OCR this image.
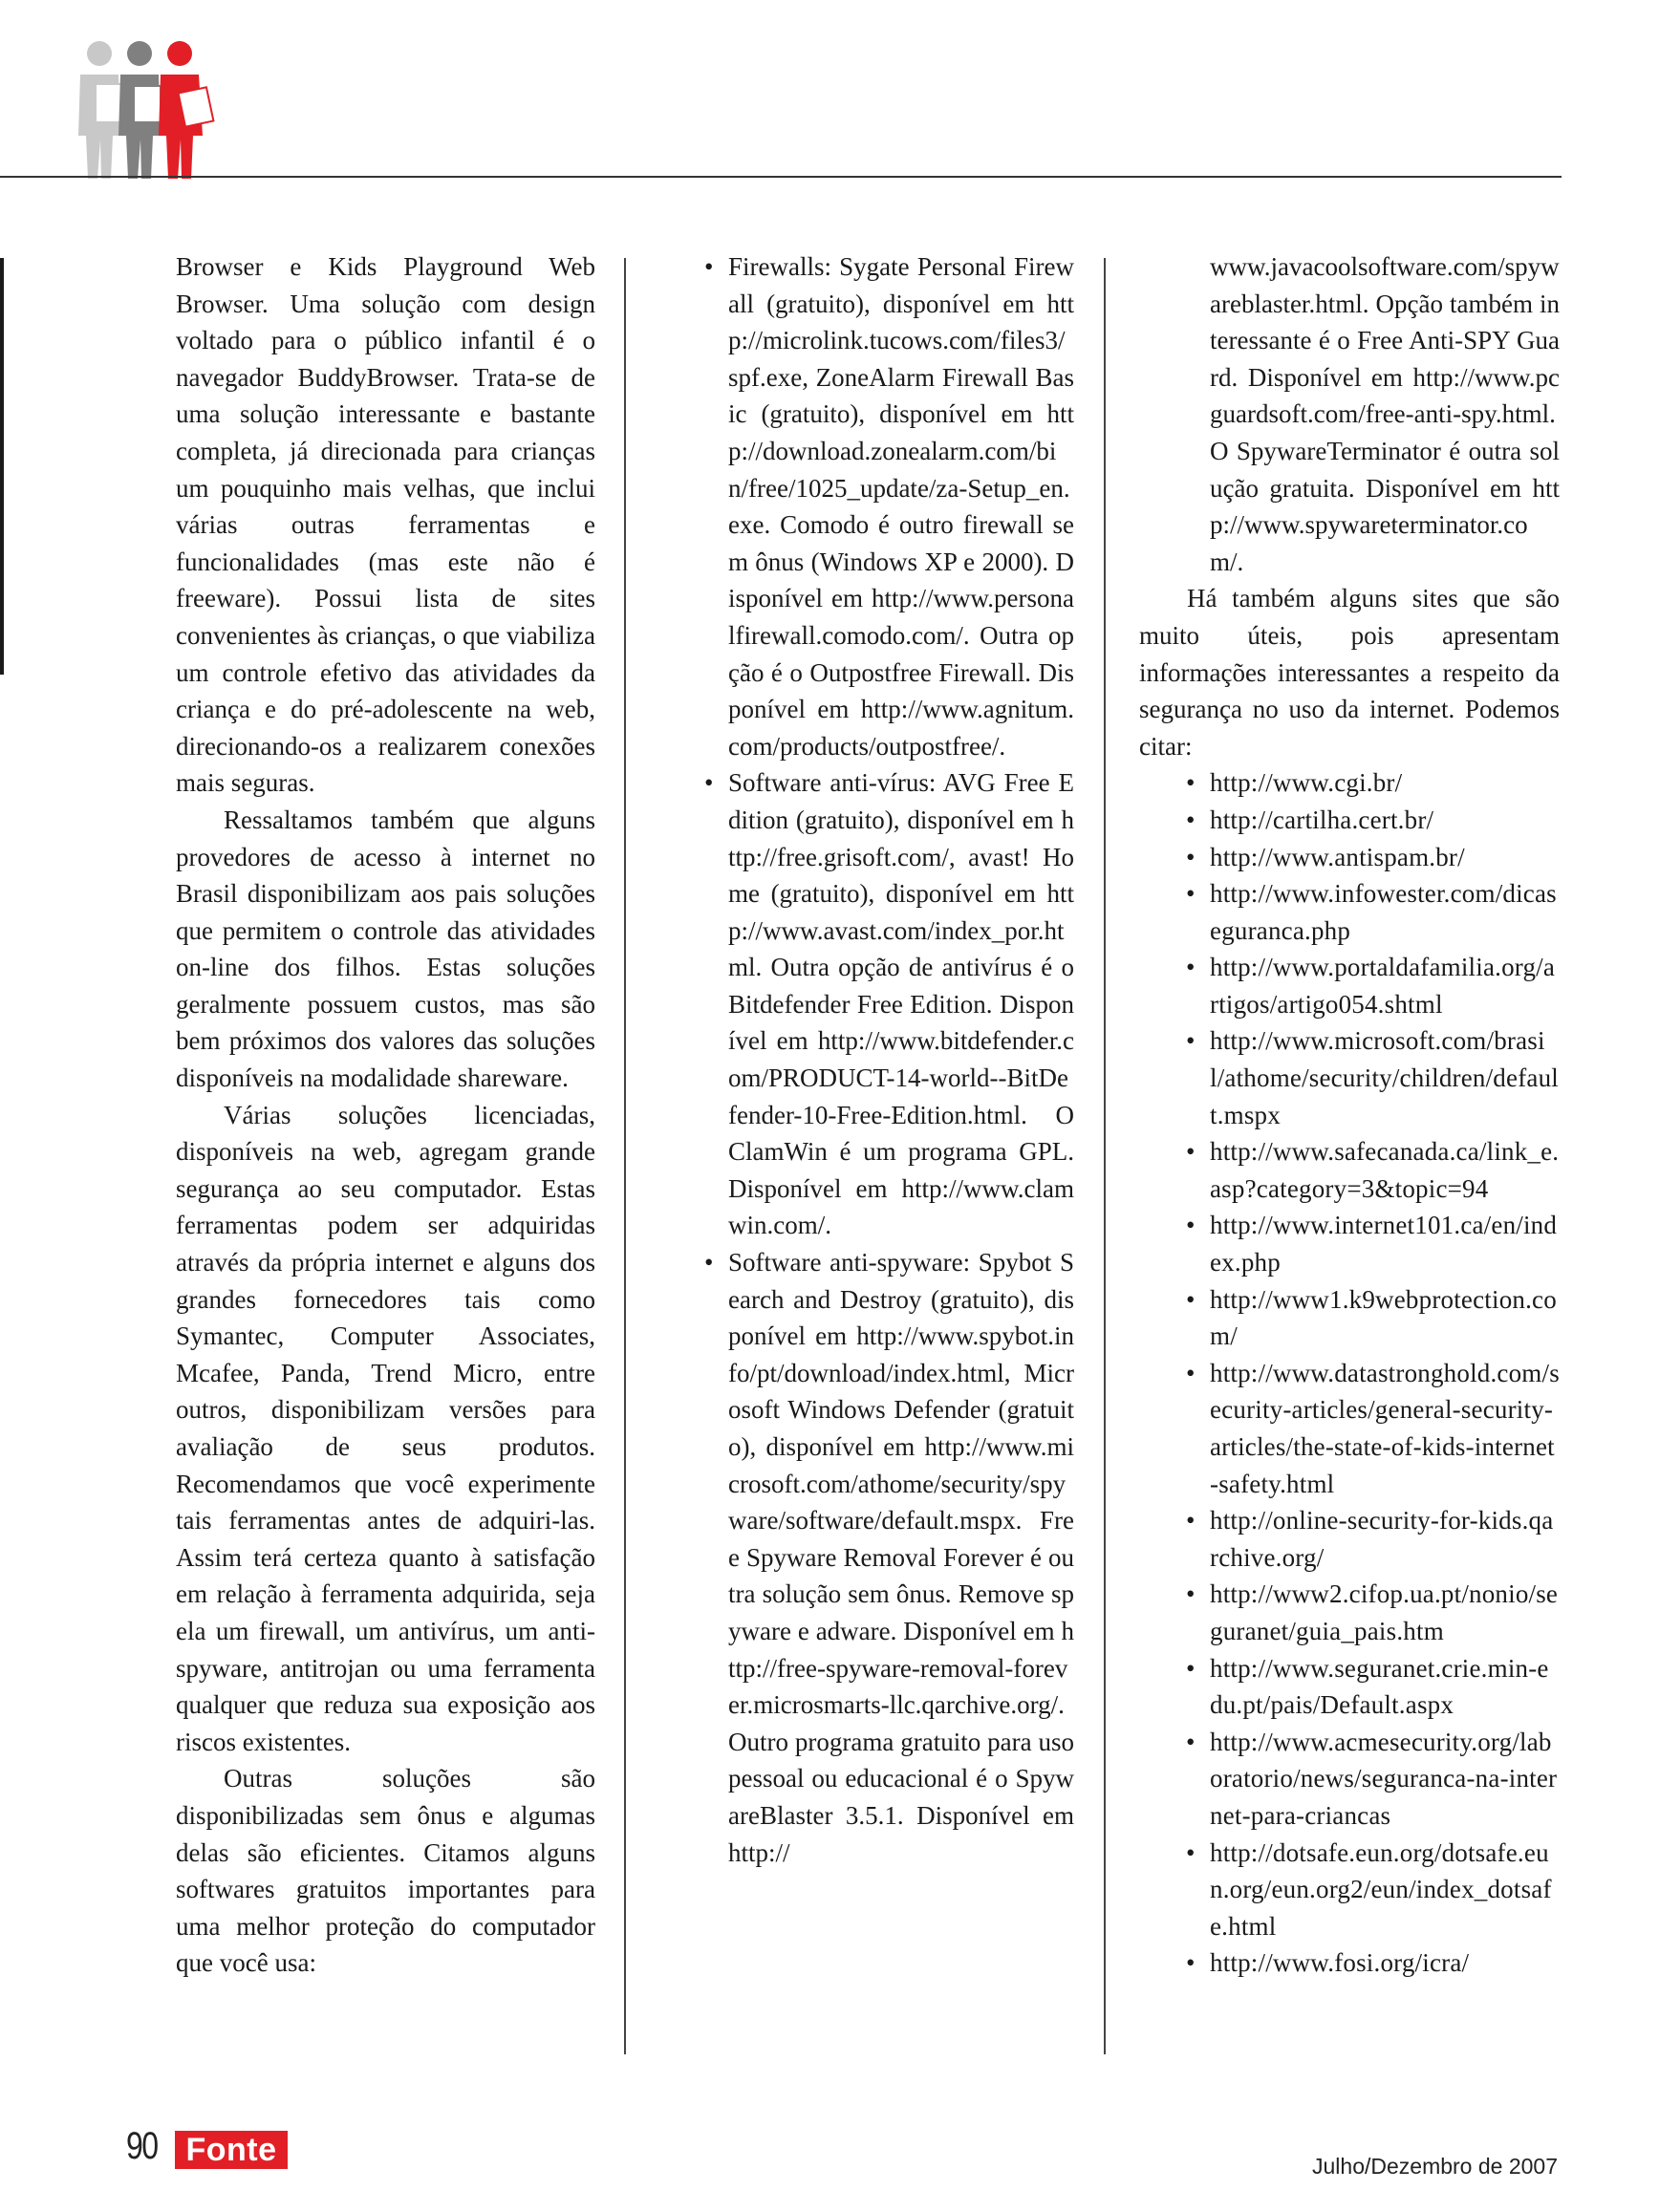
Browser e Kids Playground Web Browser. Uma solução com design voltado para o público infantil é o navegador BuddyBrowser. Trata-se de uma solução interessante e bastante completa, já direcionada para crianças um pouquinho mais velhas, que inclui várias outras ferramentas e funcionalidades (mas este não é freeware). Possui lista de sites convenientes às crianças, o que viabiliza um controle efetivo das atividades da criança e do pré-adolescente na web, direcionando-os a realizarem conexões mais seguras.

Ressaltamos também que alguns provedores de acesso à internet no Brasil disponibilizam aos pais soluções que permitem o controle das atividades on-line dos filhos. Estas soluções geralmente possuem custos, mas são bem próximos dos valores das soluções disponíveis na modalidade shareware.

Várias soluções licenciadas, disponíveis na web, agregam grande segurança ao seu computador. Estas ferramentas podem ser adquiridas através da própria internet e alguns dos grandes fornecedores tais como Symantec, Computer Associates, Mcafee, Panda, Trend Micro, entre outros, disponibilizam versões para avaliação de seus produtos. Recomendamos que você experimente tais ferramentas antes de adquiri-las. Assim terá certeza quanto à satisfação em relação à ferramenta adquirida, seja ela um firewall, um antivírus, um anti-spyware, antitrojan ou uma ferramenta qualquer que reduza sua exposição aos riscos existentes.

Outras soluções são disponibilizadas sem ônus e algumas delas são eficientes. Citamos alguns softwares gratuitos importantes para uma melhor proteção do computador que você usa:

• Firewalls: Sygate Personal Firewall (gratuito), disponível em http://microlink.tucows.com/files3/spf.exe, ZoneAlarm Firewall Basic (gratuito), disponível em http://download.zonealarm.com/bin/free/1025_update/za-Setup_en.exe. Comodo é outro firewall sem ônus (Windows XP e 2000). Disponível em http://www.personalfirewall.comodo.com/. Outra opção é o Outpostfree Firewall. Disponível em http://www.agnitum.com/products/outpostfree/.
• Software anti-vírus: AVG Free Edition (gratuito), disponível em http://free.grisoft.com/, avast! Home (gratuito), disponível em http://www.avast.com/index_por.html. Outra opção de antivírus é o Bitdefender Free Edition. Disponível em http://www.bitdefender.com/PRODUCT-14-world--BitDefender-10-Free-Edition.html. O ClamWin é um programa GPL. Disponível em http://www.clamwin.com/.
• Software anti-spyware: Spybot Search and Destroy (gratuito), disponível em http://www.spybot.info/pt/download/index.html, Microsoft Windows Defender (gratuito), disponível em http://www.microsoft.com/athome/security/spyware/software/default.mspx. Free Spyware Removal Forever é outra solução sem ônus. Remove spyware e adware. Disponível em http://free-spyware-removal-forever.microsmarts-llc.qarchive.org/. Outro programa gratuito para uso pessoal ou educacional é o SpywareBlaster 3.5.1. Disponível em http://

www.javacoolsoftware.com/spywareblaster.html. Opção também interessante é o Free Anti-SPY Guard. Disponível em http://www.pcguardsoft.com/free-anti-spy.html. O SpywareTerminator é outra solução gratuita. Disponível em http://www.spywareterminator.com/.

Há também alguns sites que são muito úteis, pois apresentam informações interessantes a respeito da segurança no uso da internet. Podemos citar:

• http://www.cgi.br/
• http://cartilha.cert.br/
• http://www.antispam.br/
• http://www.infowester.com/dicaseguranca.php
• http://www.portaldafamilia.org/artigos/artigo054.shtml
• http://www.microsoft.com/brasil/athome/security/children/default.mspx
• http://www.safecanada.ca/link_e.asp?category=3&topic=94
• http://www.internet101.ca/en/index.php
• http://www1.k9webprotection.com/
• http://www.datastronghold.com/security-articles/general-security-articles/the-state-of-kids-internet-safety.html
• http://online-security-for-kids.qarchive.org/
• http://www2.cifop.ua.pt/nonio/seguranet/guia_pais.htm
• http://www.seguranet.crie.min-edu.pt/pais/Default.aspx
• http://www.acmesecurity.org/laboratorio/news/seguranca-na-internet-para-criancas
• http://dotsafe.eun.org/dotsafe.eun.org/eun.org2/eun/index_dotsafe.html
• http://www.fosi.org/icra/
90 Fonte	Julho/Dezembro de 2007
